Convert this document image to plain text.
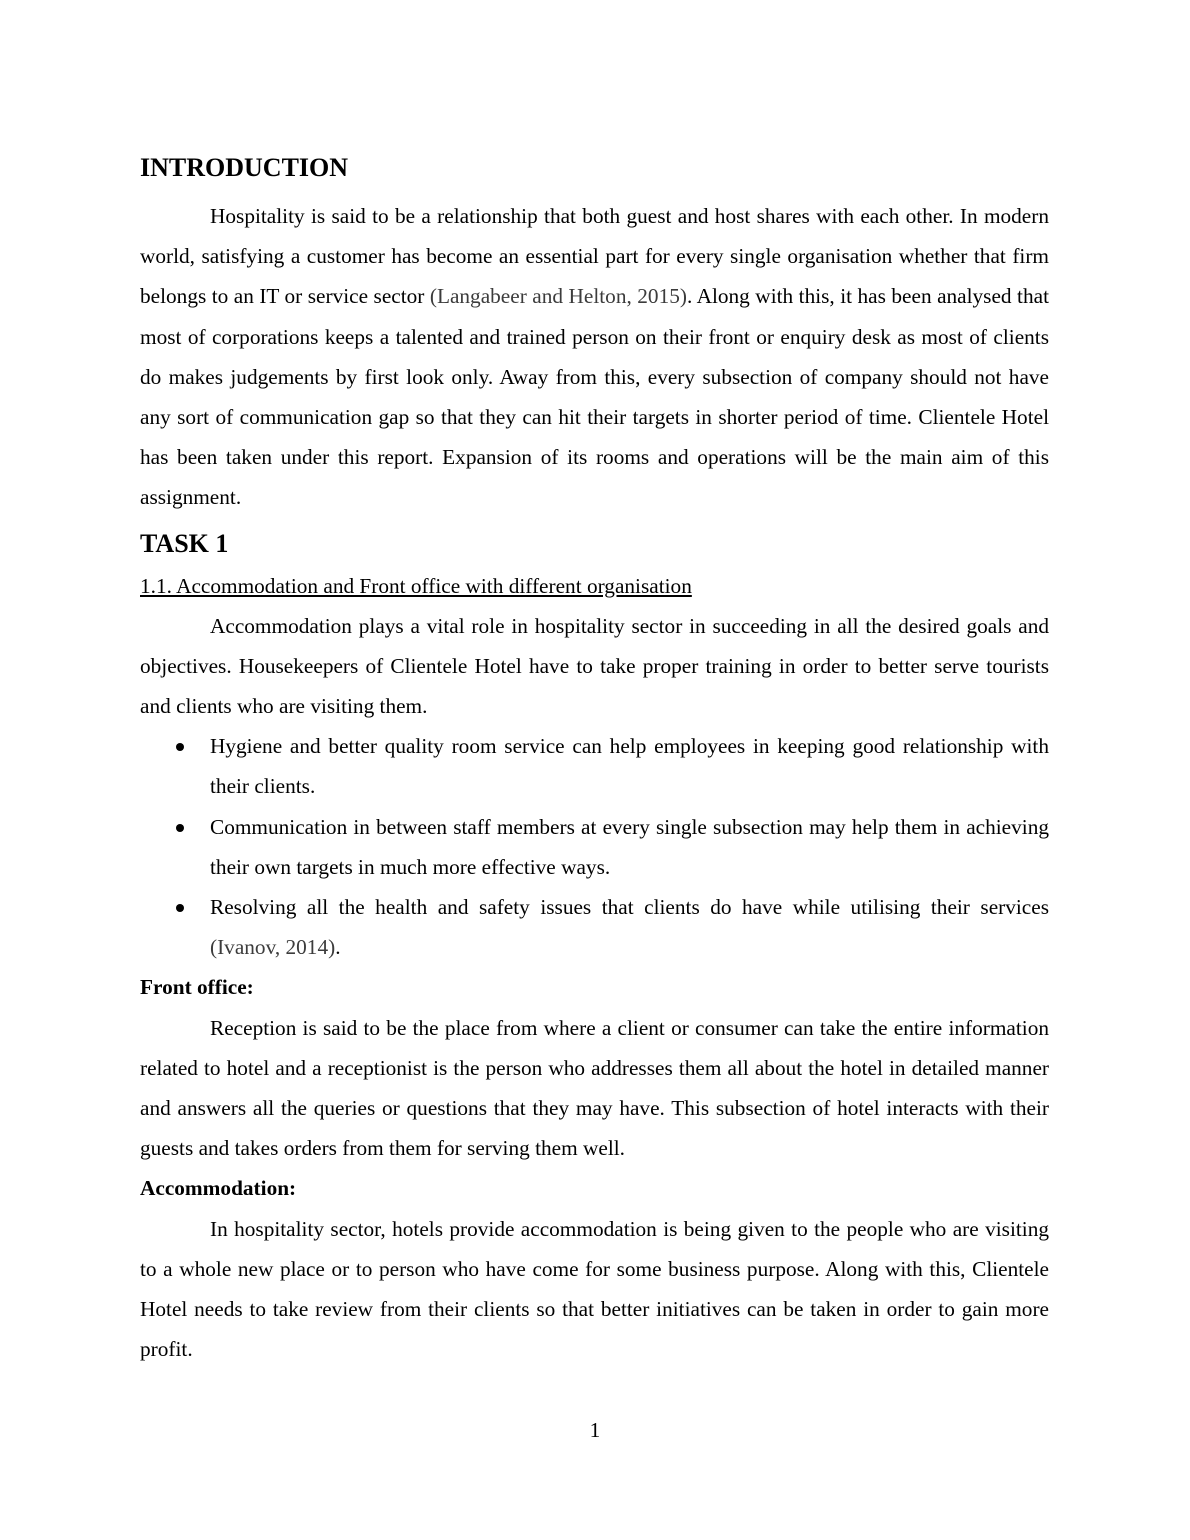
INTRODUCTION

Hospitality is said to be a relationship that both guest and host shares with each other. In modern world, satisfying a customer has become an essential part for every single organisation whether that firm belongs to an IT or service sector (Langabeer and Helton, 2015). Along with this, it has been analysed that most of corporations keeps a talented and trained person on their front or enquiry desk as most of clients do makes judgements by first look only. Away from this, every subsection of company should not have any sort of communication gap so that they can hit their targets in shorter period of time. Clientele Hotel has been taken under this report. Expansion of its rooms and operations will be the main aim of this assignment.

TASK 1
1.1. Accommodation and Front office with different organisation

Accommodation plays a vital role in hospitality sector in succeeding in all the desired goals and objectives. Housekeepers of Clientele Hotel have to take proper training in order to better serve tourists and clients who are visiting them.

Hygiene and better quality room service can help employees in keeping good relationship with their clients.
Communication in between staff members at every single subsection may help them in achieving their own targets in much more effective ways.
Resolving all the health and safety issues that clients do have while utilising their services (Ivanov, 2014).

Front office:

Reception is said to be the place from where a client or consumer can take the entire information related to hotel and a receptionist is the person who addresses them all about the hotel in detailed manner and answers all the queries or questions that they may have. This subsection of hotel interacts with their guests and takes orders from them for serving them well.

Accommodation:

In hospitality sector, hotels provide accommodation is being given to the people who are visiting to a whole new place or to person who have come for some business purpose. Along with this, Clientele Hotel needs to take review from their clients so that better initiatives can be taken in order to gain more profit.

1
